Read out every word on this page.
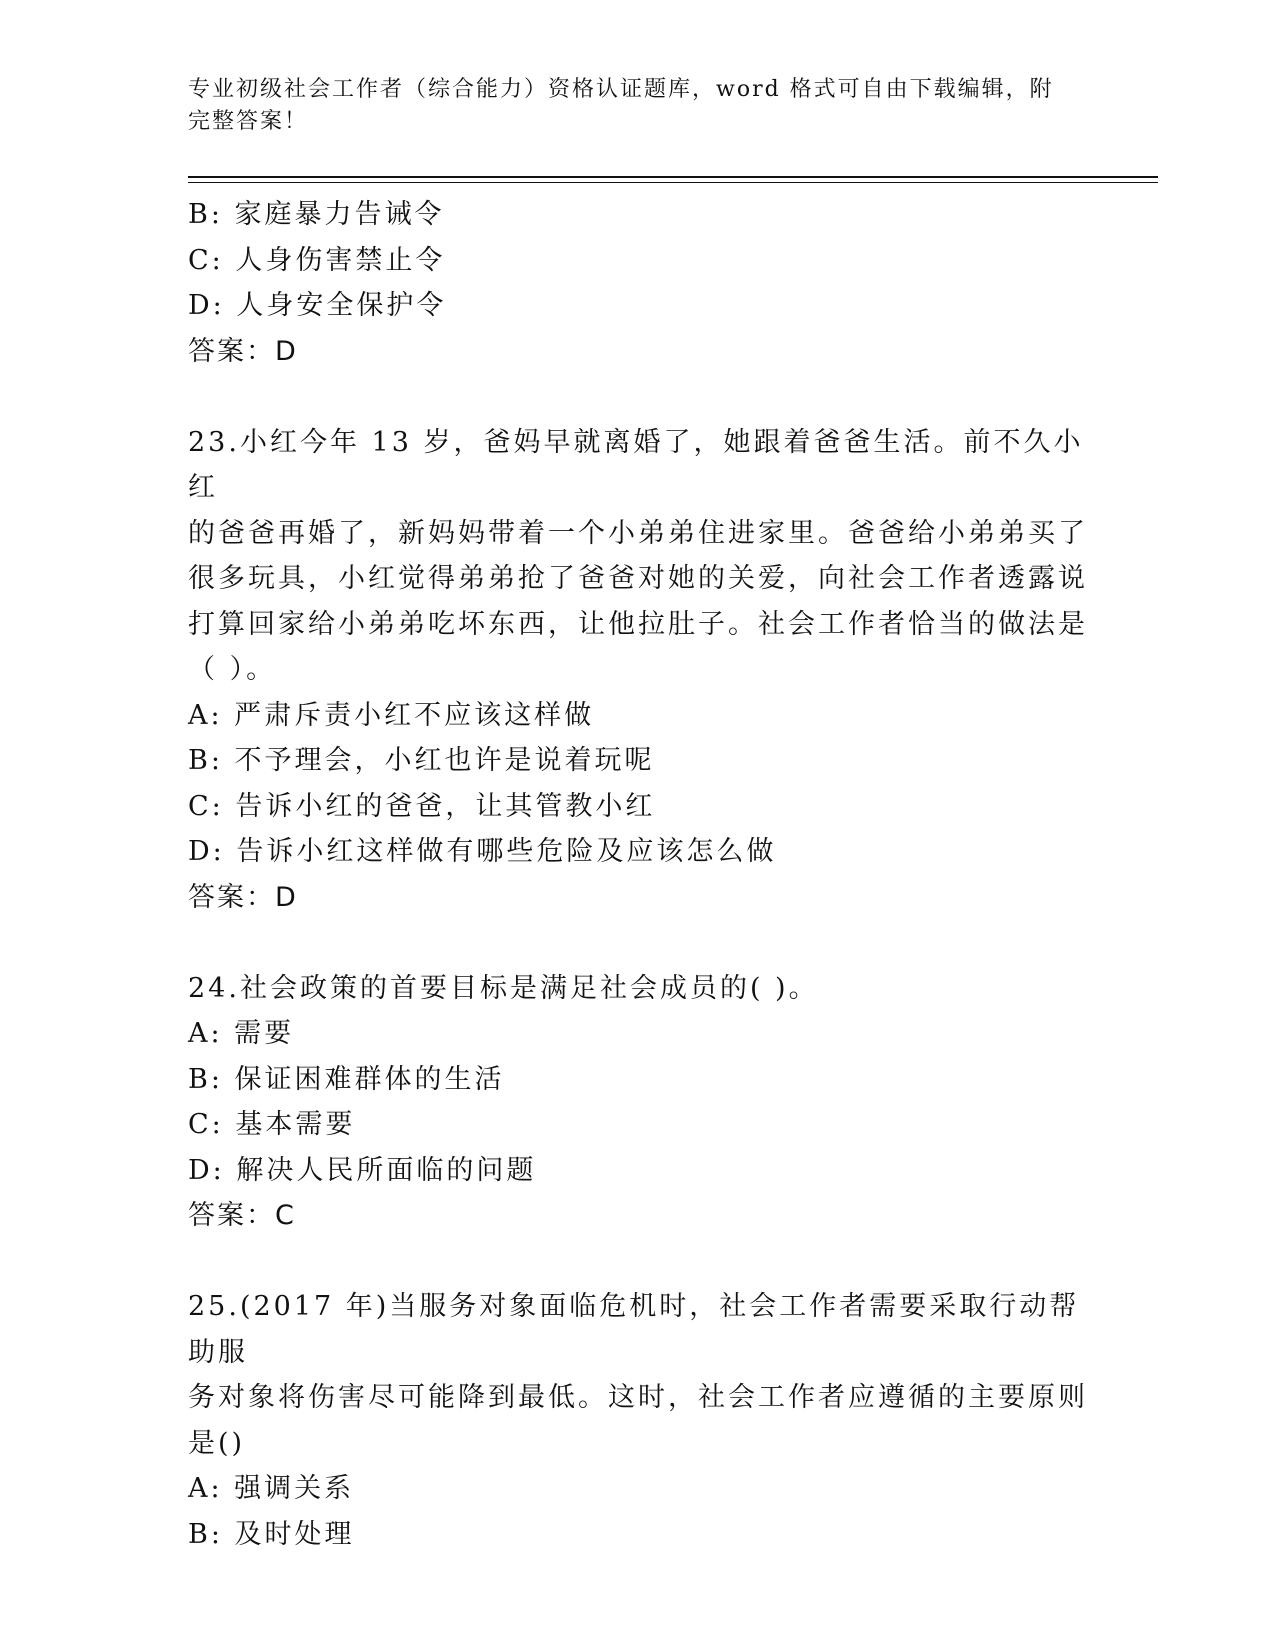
专业初级社会工作者（综合能力）资格认证题库，word 格式可自由下载编辑，附
完整答案！

B: 家庭暴力告诫令

C: 人身伤害禁止令

D: 人身安全保护令

答案：D

23.小红今年 13 岁，爸妈早就离婚了，她跟着爸爸生活。前不久小红

的爸爸再婚了，新妈妈带着一个小弟弟住进家里。爸爸给小弟弟买了

很多玩具，小红觉得弟弟抢了爸爸对她的关爱，向社会工作者透露说

打算回家给小弟弟吃坏东西，让他拉肚子。社会工作者恰当的做法是

（ ）。

A: 严肃斥责小红不应该这样做

B: 不予理会，小红也许是说着玩呢

C: 告诉小红的爸爸，让其管教小红

D: 告诉小红这样做有哪些危险及应该怎么做

答案：D

24.社会政策的首要目标是满足社会成员的( )。

A: 需要

B: 保证困难群体的生活

C: 基本需要

D: 解决人民所面临的问题

答案：C

25.(2017 年)当服务对象面临危机时，社会工作者需要采取行动帮助服

务对象将伤害尽可能降到最低。这时，社会工作者应遵循的主要原则

是()

A: 强调关系

B: 及时处理
